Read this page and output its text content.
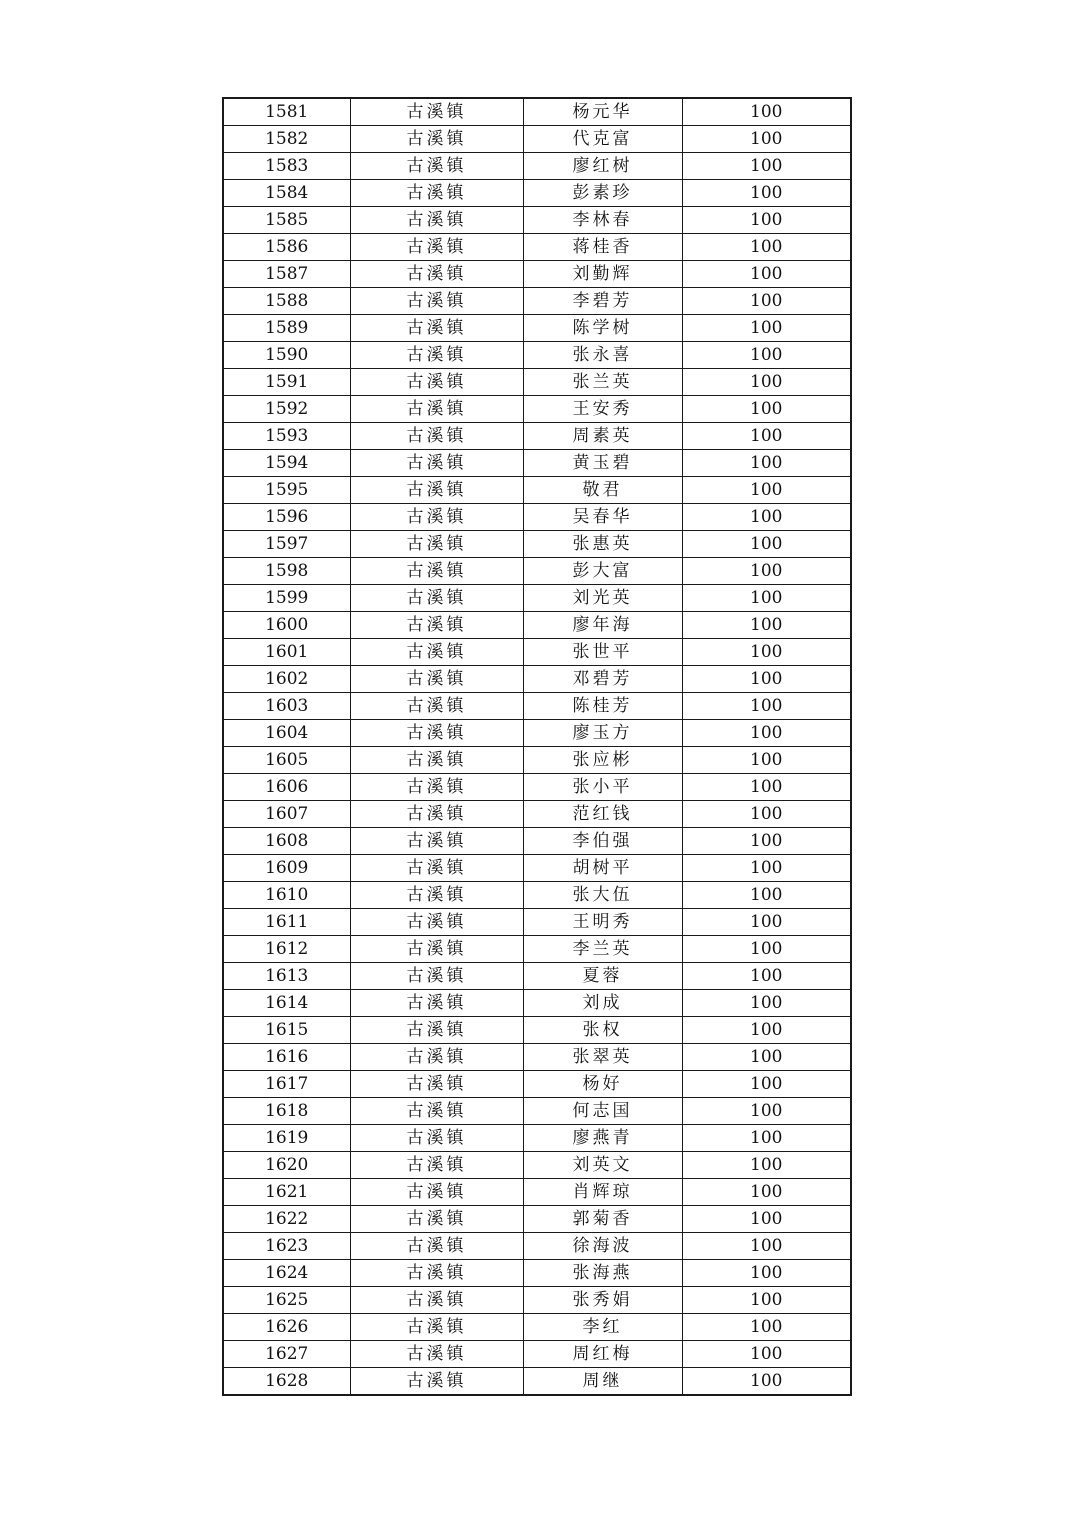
1581	古溪镇	杨元华	100
1582	古溪镇	代克富	100
1583	古溪镇	廖红树	100
1584	古溪镇	彭素珍	100
1585	古溪镇	李林春	100
1586	古溪镇	蒋桂香	100
1587	古溪镇	刘勤辉	100
1588	古溪镇	李碧芳	100
1589	古溪镇	陈学树	100
1590	古溪镇	张永喜	100
1591	古溪镇	张兰英	100
1592	古溪镇	王安秀	100
1593	古溪镇	周素英	100
1594	古溪镇	黄玉碧	100
1595	古溪镇	敬君	100
1596	古溪镇	吴春华	100
1597	古溪镇	张惠英	100
1598	古溪镇	彭大富	100
1599	古溪镇	刘光英	100
1600	古溪镇	廖年海	100
1601	古溪镇	张世平	100
1602	古溪镇	邓碧芳	100
1603	古溪镇	陈桂芳	100
1604	古溪镇	廖玉方	100
1605	古溪镇	张应彬	100
1606	古溪镇	张小平	100
1607	古溪镇	范红钱	100
1608	古溪镇	李伯强	100
1609	古溪镇	胡树平	100
1610	古溪镇	张大伍	100
1611	古溪镇	王明秀	100
1612	古溪镇	李兰英	100
1613	古溪镇	夏蓉	100
1614	古溪镇	刘成	100
1615	古溪镇	张权	100
1616	古溪镇	张翠英	100
1617	古溪镇	杨好	100
1618	古溪镇	何志国	100
1619	古溪镇	廖燕青	100
1620	古溪镇	刘英文	100
1621	古溪镇	肖辉琼	100
1622	古溪镇	郭菊香	100
1623	古溪镇	徐海波	100
1624	古溪镇	张海燕	100
1625	古溪镇	张秀娟	100
1626	古溪镇	李红	100
1627	古溪镇	周红梅	100
1628	古溪镇	周继	100
